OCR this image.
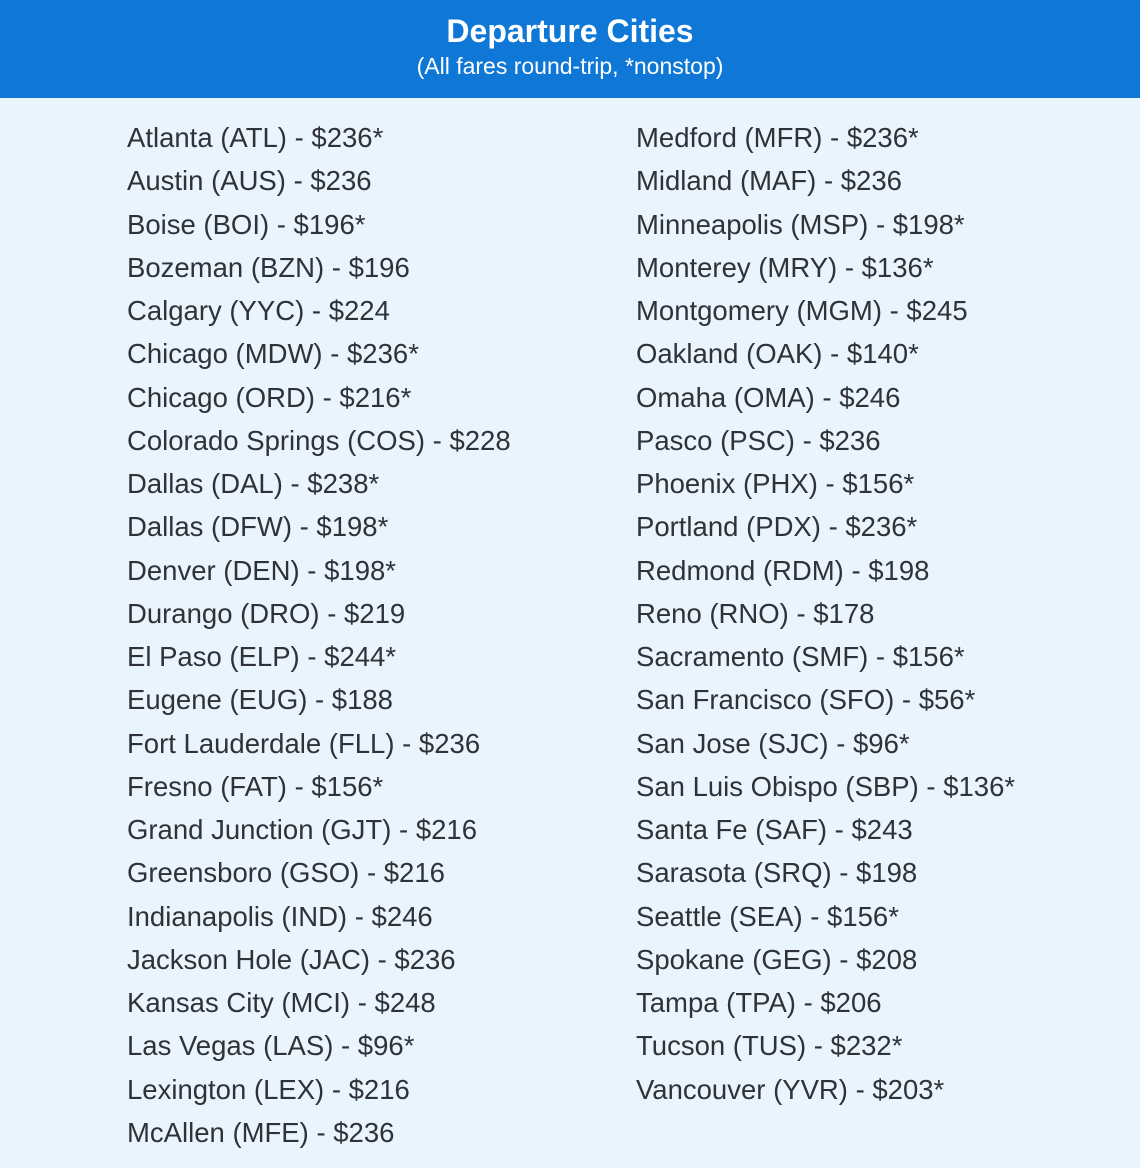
Departure Cities
(All fares round-trip, *nonstop)
Atlanta (ATL) - $236*
Austin (AUS) - $236
Boise (BOI) - $196*
Bozeman (BZN) - $196
Calgary (YYC) - $224
Chicago (MDW) - $236*
Chicago (ORD) - $216*
Colorado Springs (COS) - $228
Dallas (DAL) - $238*
Dallas (DFW) - $198*
Denver (DEN) - $198*
Durango (DRO) - $219
El Paso (ELP) - $244*
Eugene (EUG) - $188
Fort Lauderdale (FLL) - $236
Fresno (FAT) - $156*
Grand Junction (GJT) - $216
Greensboro (GSO) - $216
Indianapolis (IND) - $246
Jackson Hole (JAC) - $236
Kansas City (MCI) - $248
Las Vegas (LAS) - $96*
Lexington (LEX) - $216
McAllen (MFE) - $236
Medford (MFR) - $236*
Midland (MAF) - $236
Minneapolis (MSP) - $198*
Monterey (MRY) - $136*
Montgomery (MGM) - $245
Oakland (OAK) - $140*
Omaha (OMA) - $246
Pasco (PSC) - $236
Phoenix (PHX) - $156*
Portland (PDX) - $236*
Redmond (RDM) - $198
Reno (RNO) - $178
Sacramento (SMF) - $156*
San Francisco (SFO) - $56*
San Jose (SJC) - $96*
San Luis Obispo (SBP) - $136*
Santa Fe (SAF) - $243
Sarasota (SRQ) - $198
Seattle (SEA) - $156*
Spokane (GEG) - $208
Tampa (TPA) - $206
Tucson (TUS) - $232*
Vancouver (YVR) - $203*
